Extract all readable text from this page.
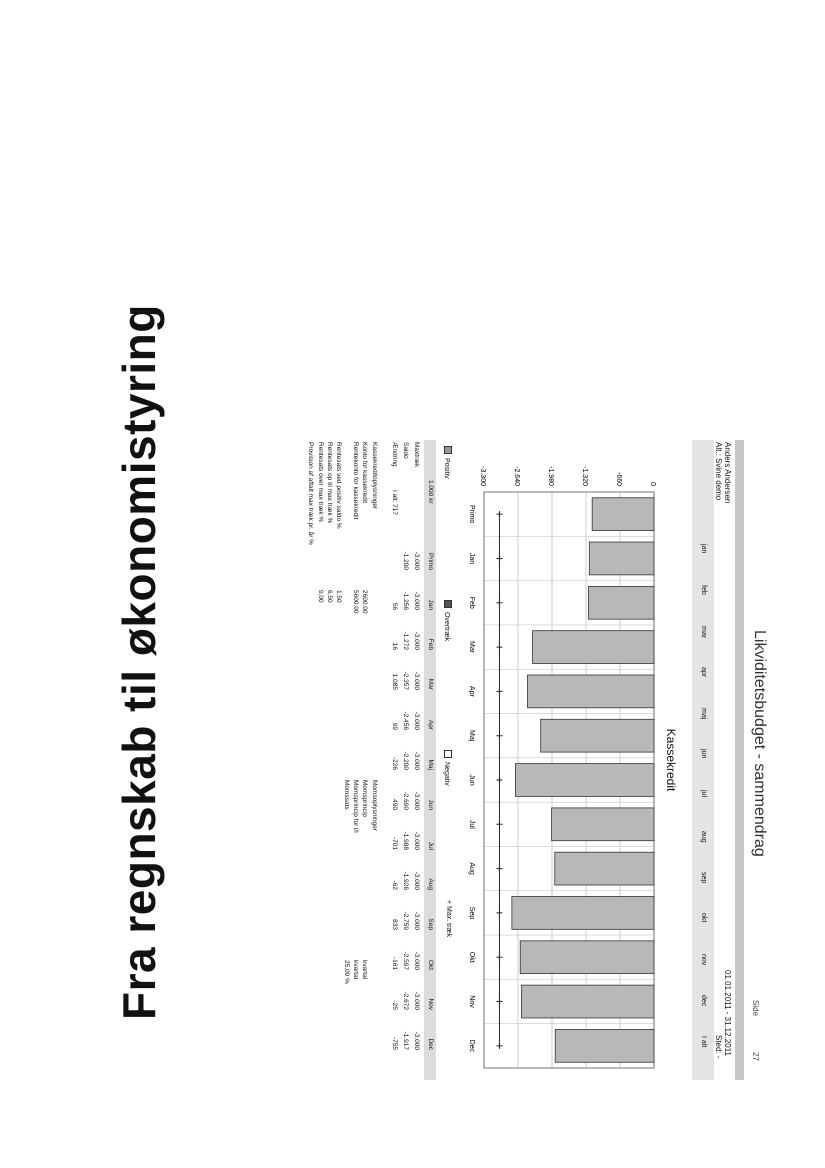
Fra regnskab til økonomistyring	Likviditetsbudget - sammendrag
Side
27
Anders Andersen
Alt.: Svine demo
01.01.2011 - 31.12.2011
Sted: -
jan
feb
mar
apr
maj
jun
jul
aug
sep
okt
nov
dec
I alt
Kassekredit
0
-660
-1.320
-1.980
-2.640
-3.300
Primo
Jan
Feb
Mar
Apr
Maj
Jun
Jul
Aug
Sep
Okt
Nov
Dec
Positiv
Overtræk
Negativ
+ Max. træk
1.000 kr
Primo
Jan
Feb
Mar
Apr
Maj
Jun
Jul
Aug
Sep
Okt
Nov
Dec
Maxtræk
-3.000
-3.000
-3.000
-3.000
-3.000
-3.000
-3.000
-3.000
-3.000
-3.000
-3.000
-3.000
-3.000
Saldo
-1.200
-1.256
-1.272
-2.357
-2.456
-2.200
-2.690
-1.988
-1.926
-2.759
-2.597
-2.672
-1.917
Ændring
I alt: 717
56
16
1.085
99
-226
490
-701
-62
833
-161
-25
-755
Kassekreditoplysninger
Konto for kassekredit
2600.00
Rentekonto for kassekredit
5600.00
Rentesats ved positiv saldo %
1,50
Rentesats op til max træk %
6,50
Rentesats over max træk %
9,00
Provision af aftalt max træk pr. år %
Momsoplysninger
Momsprincip
kvartal
Momsprincip for l/l
kvartal
Momssats
25,00 %
